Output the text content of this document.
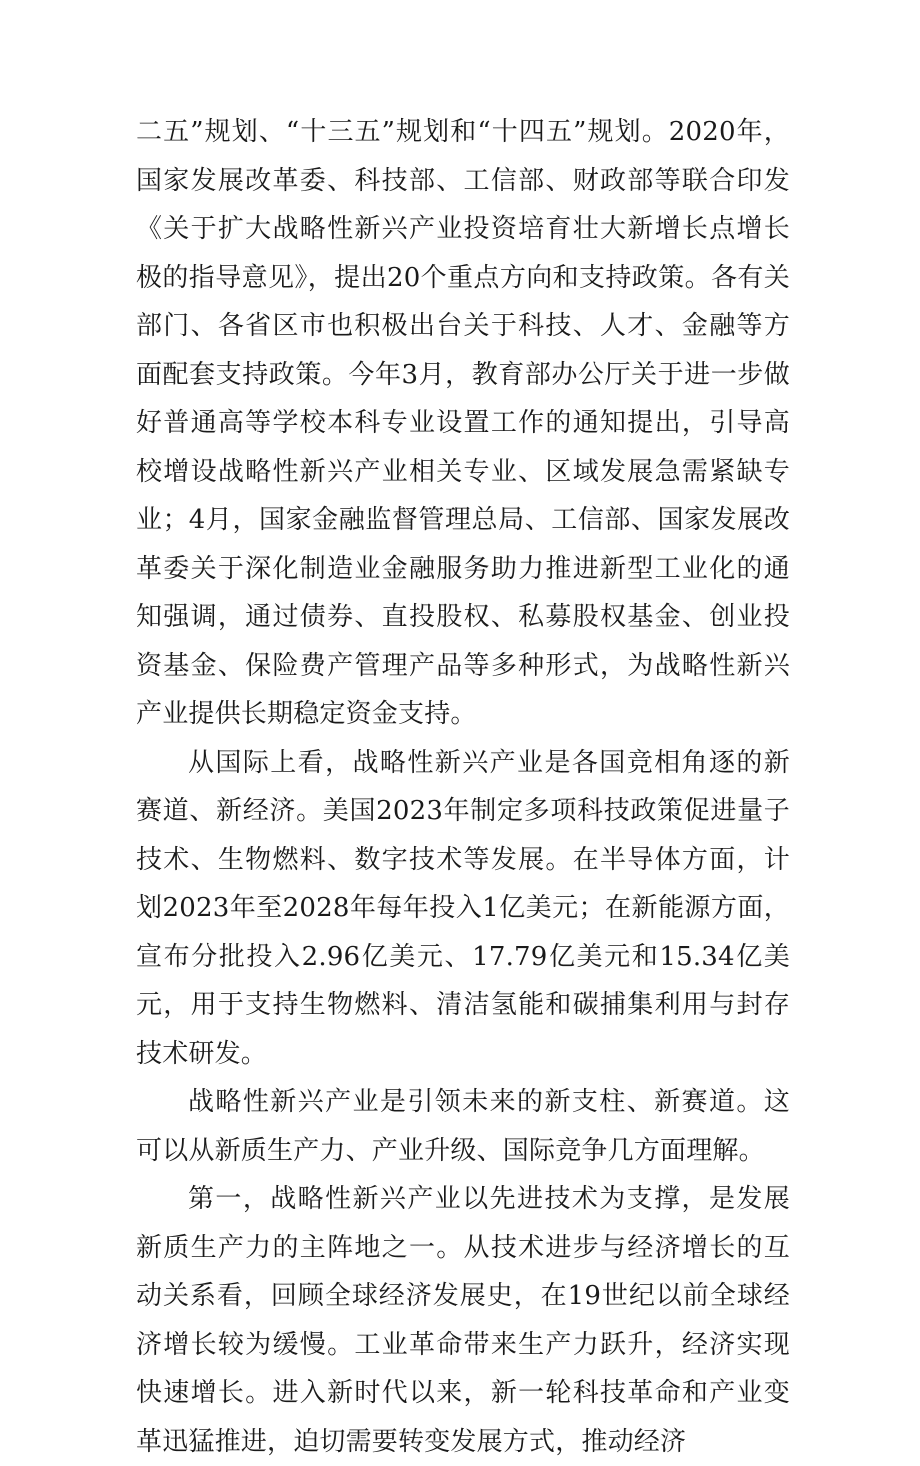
二五”规划、“十三五”规划和“十四五”规划。2020年，国家发展改革委、科技部、工信部、财政部等联合印发《关于扩大战略性新兴产业投资培育壮大新增长点增长极的指导意见》，提出20个重点方向和支持政策。各有关部门、各省区市也积极出台关于科技、人才、金融等方面配套支持政策。今年3月，教育部办公厅关于进一步做好普通高等学校本科专业设置工作的通知提出，引导高校增设战略性新兴产业相关专业、区域发展急需紧缺专业；4月，国家金融监督管理总局、工信部、国家发展改革委关于深化制造业金融服务助力推进新型工业化的通知强调，通过债券、直投股权、私募股权基金、创业投资基金、保险费产管理产品等多种形式，为战略性新兴产业提供长期稳定资金支持。

从国际上看，战略性新兴产业是各国竞相角逐的新赛道、新经济。美国2023年制定多项科技政策促进量子技术、生物燃料、数字技术等发展。在半导体方面，计划2023年至2028年每年投入1亿美元；在新能源方面，宣布分批投入2.96亿美元、17.79亿美元和15.34亿美元，用于支持生物燃料、清洁氢能和碳捕集利用与封存技术研发。

战略性新兴产业是引领未来的新支柱、新赛道。这可以从新质生产力、产业升级、国际竞争几方面理解。

第一，战略性新兴产业以先进技术为支撑，是发展新质生产力的主阵地之一。从技术进步与经济增长的互动关系看，回顾全球经济发展史，在19世纪以前全球经济增长较为缓慢。工业革命带来生产力跃升，经济实现快速增长。进入新时代以来，新一轮科技革命和产业变革迅猛推进，迫切需要转变发展方式，推动经济
